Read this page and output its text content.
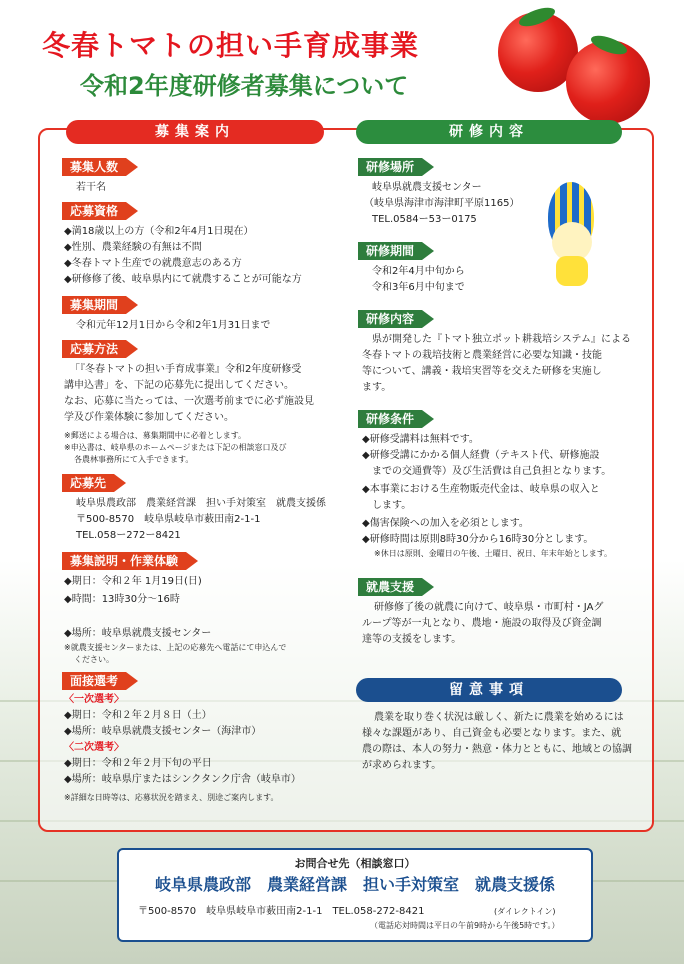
冬春トマトの担い手育成事業
令和2年度研修者募集について
募集案内	研修内容
募集人数
若干名
応募資格
◆満18歳以上の方（令和2年4月1日現在）
◆性別、農業経験の有無は不問
◆冬春トマト生産での就農意志のある方
◆研修修了後、岐阜県内にて就農することが可能な方
募集期間
令和元年12月1日から令和2年1月31日まで
応募方法
「『冬春トマトの担い手育成事業』令和2年度研修受
講申込書」を、下記の応募先に提出してください。
なお、応募に当たっては、一次選考前までに必ず施設見
学及び作業体験に参加してください。
※郵送による場合は、募集期間中に必着とします。
※申込書は、岐阜県のホームページまたは下記の相談窓口及び
各農林事務所にて入手できます。
応募先
岐阜県農政部　農業経営課　担い手対策室　就農支援係
〒500-8570　岐阜県岐阜市薮田南2-1-1
TEL.058ー272ー8421
募集説明・作業体験
◆期日：令和２年 1月19日(日)
◆時間：13時30分～16時
◆場所：岐阜県就農支援センター
※就農支援センターまたは、上記の応募先へ電話にて申込んで
ください。
面接選考
〈一次選考〉
◆期日：令和２年２月８日（土）
◆場所：岐阜県就農支援センター（海津市）
〈二次選考〉
◆期日：令和２年２月下旬の平日
◆場所：岐阜県庁またはシンクタンク庁舎（岐阜市）
※詳細な日時等は、応募状況を踏まえ、別途ご案内します。
研修場所
岐阜県就農支援センター
（岐阜県海津市海津町平原1165）
TEL.0584ー53ー0175
研修期間
令和2年4月中旬から
令和3年6月中旬まで
研修内容
県が開発した『トマト独立ポット耕栽培システム』による
冬春トマトの栽培技術と農業経営に必要な知識・技能
等について、講義・栽培実習等を交えた研修を実施し
ます。
研修条件
◆研修受講料は無料です。
◆研修受講にかかる個人経費（テキスト代、研修施設
までの交通費等）及び生活費は自己負担となります。
◆本事業における生産物販売代金は、岐阜県の収入と
します。
◆傷害保険への加入を必須とします。
◆研修時間は原則8時30分から16時30分とします。
※休日は原則、金曜日の午後、土曜日、祝日、年末年始とします。
就農支援
研修修了後の就農に向けて、岐阜県・市町村・JAグ
ループ等が一丸となり、農地・施設の取得及び資金調
達等の支援をします。
留意事項
農業を取り巻く状況は厳しく、新たに農業を始めるには
様々な課題があり、自己資金も必要となります。また、就
農の際は、本人の努力・熱意・体力とともに、地域との協調
が求められます。
お問合せ先（相談窓口）
岐阜県農政部　農業経営課　担い手対策室　就農支援係
〒500-8570　岐阜県岐阜市薮田南2-1-1　TEL.058-272-8421	(ダイレクトイン)
（電話応対時間は平日の午前9時から午後5時です。）
